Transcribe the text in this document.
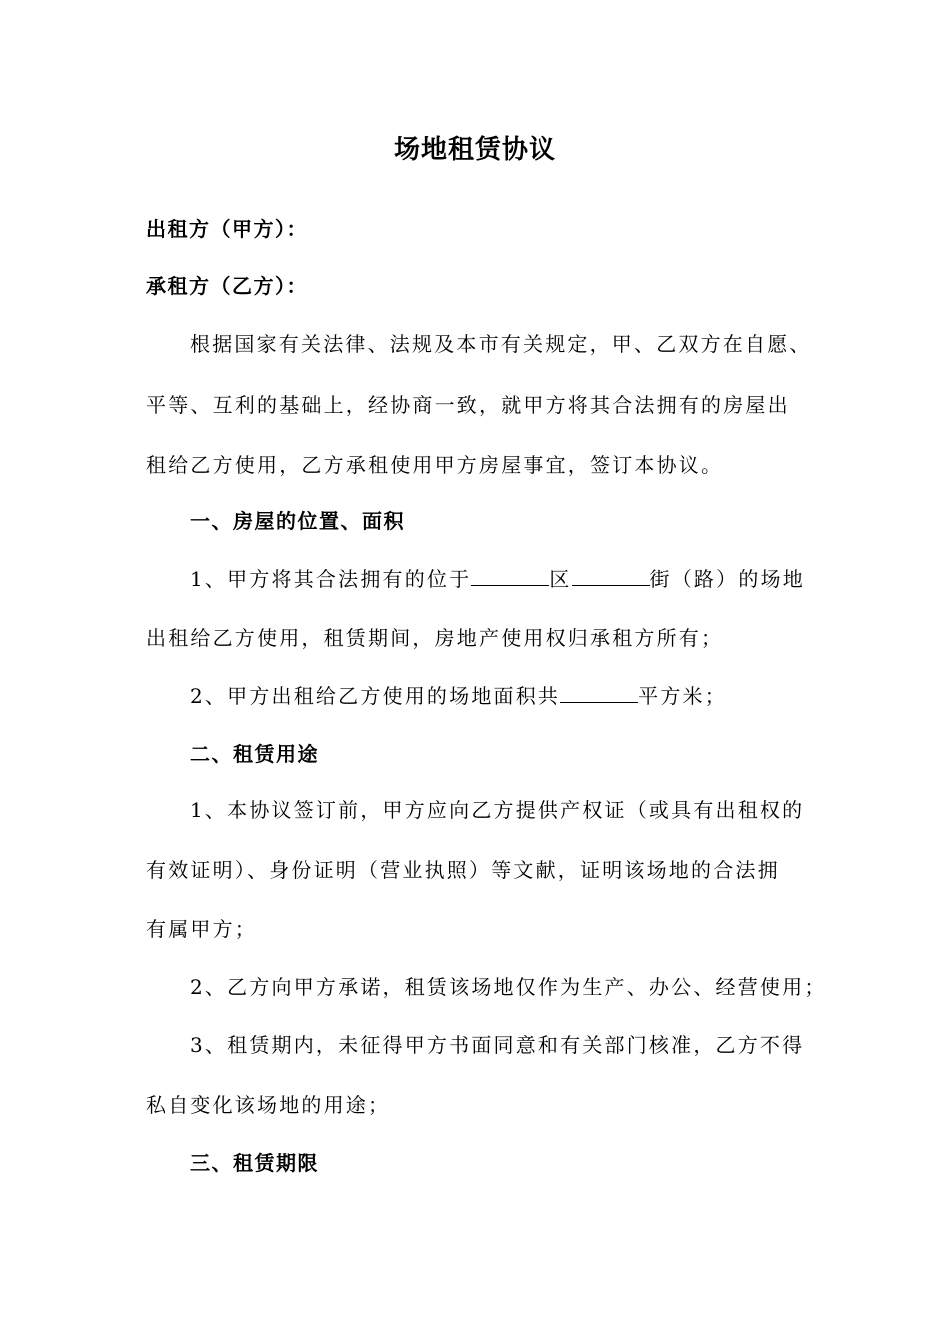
场地租赁协议
出租方（甲方）：
承租方（乙方）：
根据国家有关法律、法规及本市有关规定，甲、乙双方在自愿、
平等、互利的基础上，经协商一致，就甲方将其合法拥有的房屋出
租给乙方使用，乙方承租使用甲方房屋事宜，签订本协议。
一、房屋的位置、面积
1、甲方将其合法拥有的位于	区	街（路）的场地
出租给乙方使用，租赁期间，房地产使用权归承租方所有；
2、甲方出租给乙方使用的场地面积共	平方米；
二、租赁用途
1、本协议签订前，甲方应向乙方提供产权证（或具有出租权的
有效证明）、身份证明（营业执照）等文献，证明该场地的合法拥
有属甲方；
2、乙方向甲方承诺，租赁该场地仅作为生产、办公、经营使用；
3、租赁期内，未征得甲方书面同意和有关部门核准，乙方不得
私自变化该场地的用途；
三、租赁期限
